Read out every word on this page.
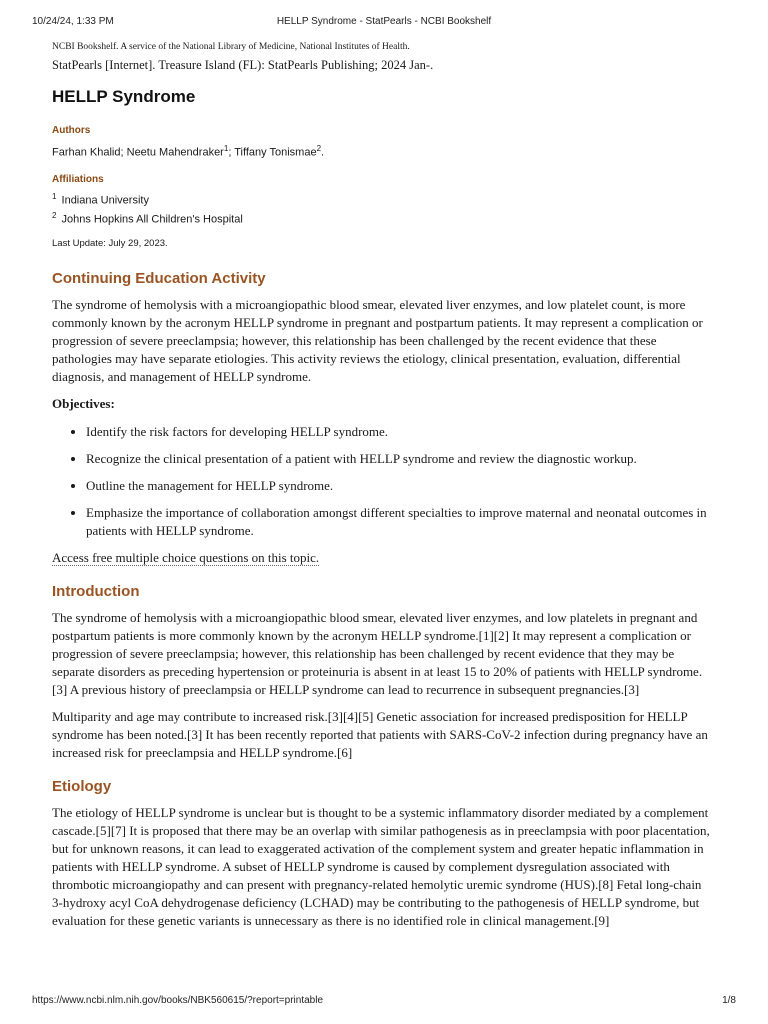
10/24/24, 1:33 PM	HELLP Syndrome - StatPearls - NCBI Bookshelf

NCBI Bookshelf. A service of the National Library of Medicine, National Institutes of Health.

StatPearls [Internet]. Treasure Island (FL): StatPearls Publishing; 2024 Jan-.

HELLP Syndrome

Authors

Farhan Khalid; Neetu Mahendraker$^1$; Tiffany Tonismae$^2$.

Affiliations

$^1$ Indiana University
$^2$ Johns Hopkins All Children's Hospital

Last Update: July 29, 2023.

Continuing Education Activity

The syndrome of hemolysis with a microangiopathic blood smear, elevated liver enzymes, and low platelet count, is more commonly known by the acronym HELLP syndrome in pregnant and postpartum patients. It may represent a complication or progression of severe preeclampsia; however, this relationship has been challenged by the recent evidence that these pathologies may have separate etiologies. This activity reviews the etiology, clinical presentation, evaluation, differential diagnosis, and management of HELLP syndrome.

Objectives:

• Identify the risk factors for developing HELLP syndrome.
• Recognize the clinical presentation of a patient with HELLP syndrome and review the diagnostic workup.
• Outline the management for HELLP syndrome.
• Emphasize the importance of collaboration amongst different specialties to improve maternal and neonatal outcomes in patients with HELLP syndrome.
Access free multiple choice questions on this topic.
Introduction

The syndrome of hemolysis with a microangiopathic blood smear, elevated liver enzymes, and low platelets in pregnant and postpartum patients is more commonly known by the acronym HELLP syndrome.[1][2] It may represent a complication or progression of severe preeclampsia; however, this relationship has been challenged by recent evidence that they may be separate disorders as preceding hypertension or proteinuria is absent in at least 15 to 20% of patients with HELLP syndrome.[3] A previous history of preeclampsia or HELLP syndrome can lead to recurrence in subsequent pregnancies.[3]

Multiparity and age may contribute to increased risk.[3][4][5] Genetic association for increased predisposition for HELLP syndrome has been noted.[3] It has been recently reported that patients with SARS-CoV-2 infection during pregnancy have an increased risk for preeclampsia and HELLP syndrome.[6]

Etiology

The etiology of HELLP syndrome is unclear but is thought to be a systemic inflammatory disorder mediated by a complement cascade.[5][7] It is proposed that there may be an overlap with similar pathogenesis as in preeclampsia with poor placentation, but for unknown reasons, it can lead to exaggerated activation of the complement system and greater hepatic inflammation in patients with HELLP syndrome. A subset of HELLP syndrome is caused by complement dysregulation associated with thrombotic microangiopathy and can present with pregnancy-related hemolytic uremic syndrome (HUS).[8] Fetal long-chain 3-hydroxy acyl CoA dehydrogenase deficiency (LCHAD) may be contributing to the pathogenesis of HELLP syndrome, but evaluation for these genetic variants is unnecessary as there is no identified role in clinical management.[9]

https://www.ncbi.nlm.nih.gov/books/NBK560615/?report=printable	1/8
